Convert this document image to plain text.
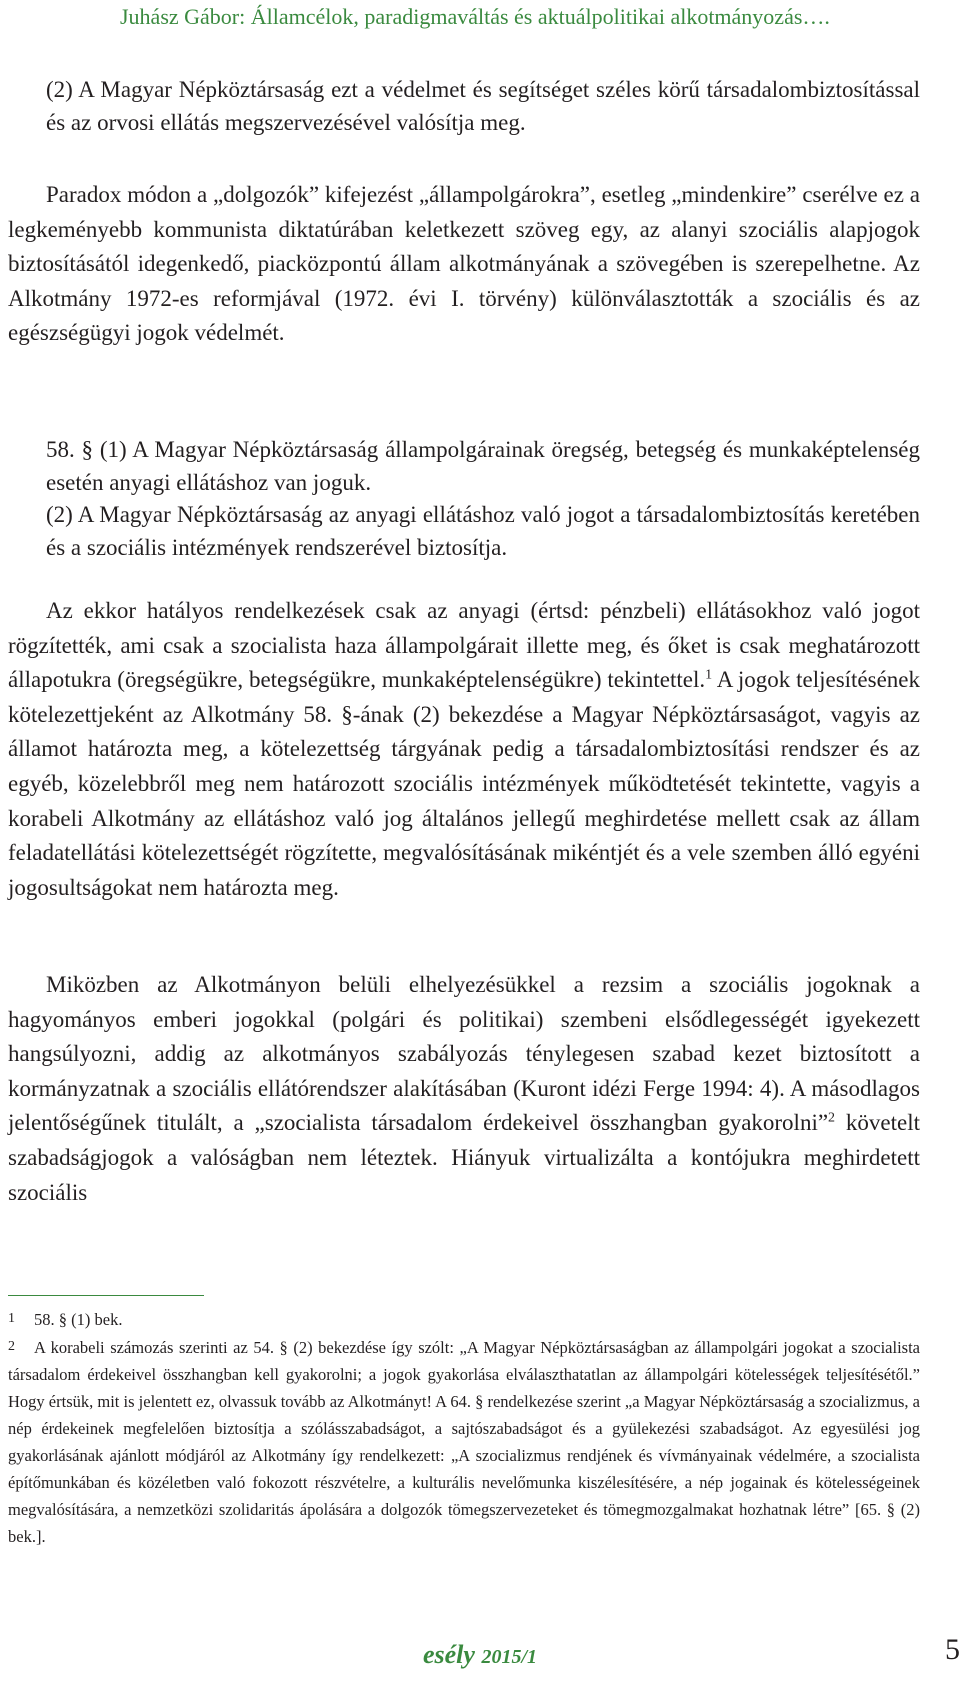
Juhász Gábor: Államcélok, paradigmaváltás és aktuálpolitikai alkotmányozás….
(2) A Magyar Népköztársaság ezt a védelmet és segítséget széles körű társadalombiztosítással és az orvosi ellátás megszervezésével valósítja meg.

Paradox módon a „dolgozók” kifejezést „állampolgárokra”, esetleg „mindenkire” cserélve ez a legkeményebb kommunista diktatúrában keletkezett szöveg egy, az alanyi szociális alapjogok biztosításától idegenkedő, piacközpontú állam alkotmányának a szövegében is szerepelhetne. Az Alkotmány 1972-es reformjával (1972. évi I. törvény) különválasztották a szociális és az egészségügyi jogok védelmét.

58. § (1) A Magyar Népköztársaság állampolgárainak öregség, betegség és munkaképtelenség esetén anyagi ellátáshoz van joguk.

(2) A Magyar Népköztársaság az anyagi ellátáshoz való jogot a társadalombiztosítás keretében és a szociális intézmények rendszerével biztosítja.

Az ekkor hatályos rendelkezések csak az anyagi (értsd: pénzbeli) ellátásokhoz való jogot rögzítették, ami csak a szocialista haza állampolgárait illette meg, és őket is csak meghatározott állapotukra (öregségükre, betegségükre, munkaképtelenségükre) tekintettel.$^1$ A jogok teljesítésének kötelezettjeként az Alkotmány 58. §-ának (2) bekezdése a Magyar Népköztársaságot, vagyis az államot határozta meg, a kötelezettség tárgyának pedig a társadalombiztosítási rendszer és az egyéb, közelebbről meg nem határozott szociális intézmények működtetését tekintette, vagyis a korabeli Alkotmány az ellátáshoz való jog általános jellegű meghirdetése mellett csak az állam feladatellátási kötelezettségét rögzítette, megvalósításának mikéntjét és a vele szemben álló egyéni jogosultságokat nem határozta meg.

Miközben az Alkotmányon belüli elhelyezésükkel a rezsim a szociális jogoknak a hagyományos emberi jogokkal (polgári és politikai) szembeni elsődlegességét igyekezett hangsúlyozni, addig az alkotmányos szabályozás ténylegesen szabad kezet biztosított a kormányzatnak a szociális ellátórendszer alakításában (Kuront idézi Ferge 1994: 4). A másodlagos jelentőségűnek titulált, a „szocialista társadalom érdekeivel összhangban gyakorolni”$^2$ követelt szabadságjogok a valóságban nem léteztek. Hiányuk virtualizálta a kontójukra meghirdetett szociális

1 58. § (1) bek.

2 A korabeli számozás szerinti az 54. § (2) bekezdése így szólt: „A Magyar Népköztársaságban az állampolgári jogokat a szocialista társadalom érdekeivel összhangban kell gyakorolni; a jogok gyakorlása elválaszthatatlan az állampolgári kötelességek teljesítésétől.” Hogy értsük, mit is jelentett ez, olvassuk tovább az Alkotmányt! A 64. § rendelkezése szerint „a Magyar Népköztársaság a szocializmus, a nép érdekeinek megfelelően biztosítja a szólásszabadságot, a sajtószabadságot és a gyülekezési szabadságot. Az egyesülési jog gyakorlásának ajánlott módjáról az Alkotmány így rendelkezett: „A szocializmus rendjének és vívmányainak védelmére, a szocialista építőmunkában és közéletben való fokozott részvételre, a kulturális nevelőmunka kiszélesítésére, a nép jogainak és kötelességeinek megvalósítására, a nemzetközi szolidaritás ápolására a dolgozók tömegszervezeteket és tömegmozgalmakat hozhatnak létre” [65. § (2) bek.].

esély 2015/1	5
